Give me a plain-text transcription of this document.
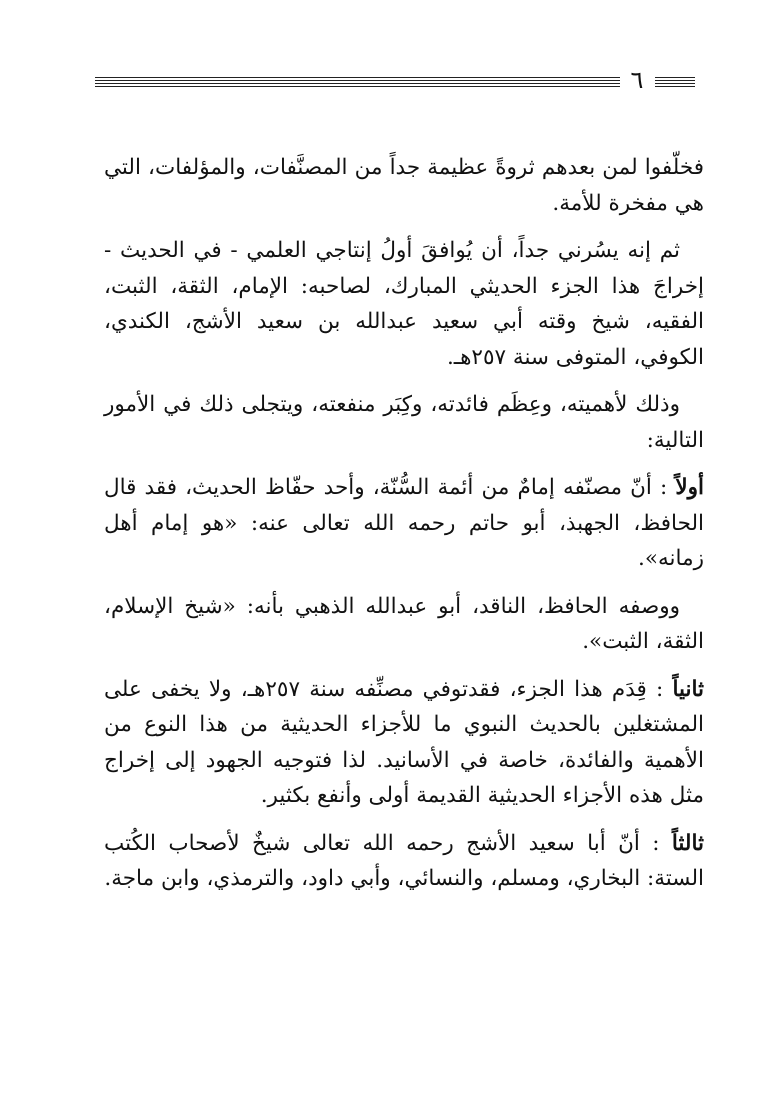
٦

فخلّفوا لمن بعدهم ثروةً عظيمة جداً من المصنَّفات، والمؤلفات، التي هي مفخرة للأمة.

ثم إنه يسُرني جداً، أن يُوافقَ أولُ إنتاجي العلمي - في الحديث - إخراجَ هذا الجزء الحديثي المبارك، لصاحبه: الإمام، الثقة، الثبت، الفقيه، شيخ وقته أبي سعيد عبدالله بن سعيد الأشج، الكندي، الكوفي، المتوفى سنة ٢٥٧هـ.

وذلك لأهميته، وعِظَم فائدته، وكِبَر منفعته، ويتجلى ذلك في الأمور التالية:

أولاً : أنّ مصنّفه إمامٌ من أئمة السُّنّة، وأحد حفّاظ الحديث، فقد قال الحافظ، الجهبذ، أبو حاتم رحمه الله تعالى عنه: «هو إمام أهل زمانه».

ووصفه الحافظ، الناقد، أبو عبدالله الذهبي بأنه: «شيخ الإسلام، الثقة، الثبت».

ثانياً : قِدَم هذا الجزء، فقدتوفي مصنِّفه سنة ٢٥٧هـ، ولا يخفى على المشتغلين بالحديث النبوي ما للأجزاء الحديثية من هذا النوع من الأهمية والفائدة، خاصة في الأسانيد. لذا فتوجيه الجهود إلى إخراج مثل هذه الأجزاء الحديثية القديمة أولى وأنفع بكثير.

ثالثاً : أنّ أبا سعيد الأشج رحمه الله تعالى شيخٌ لأصحاب الكُتب الستة: البخاري، ومسلم، والنسائي، وأبي داود، والترمذي، وابن ماجة.
